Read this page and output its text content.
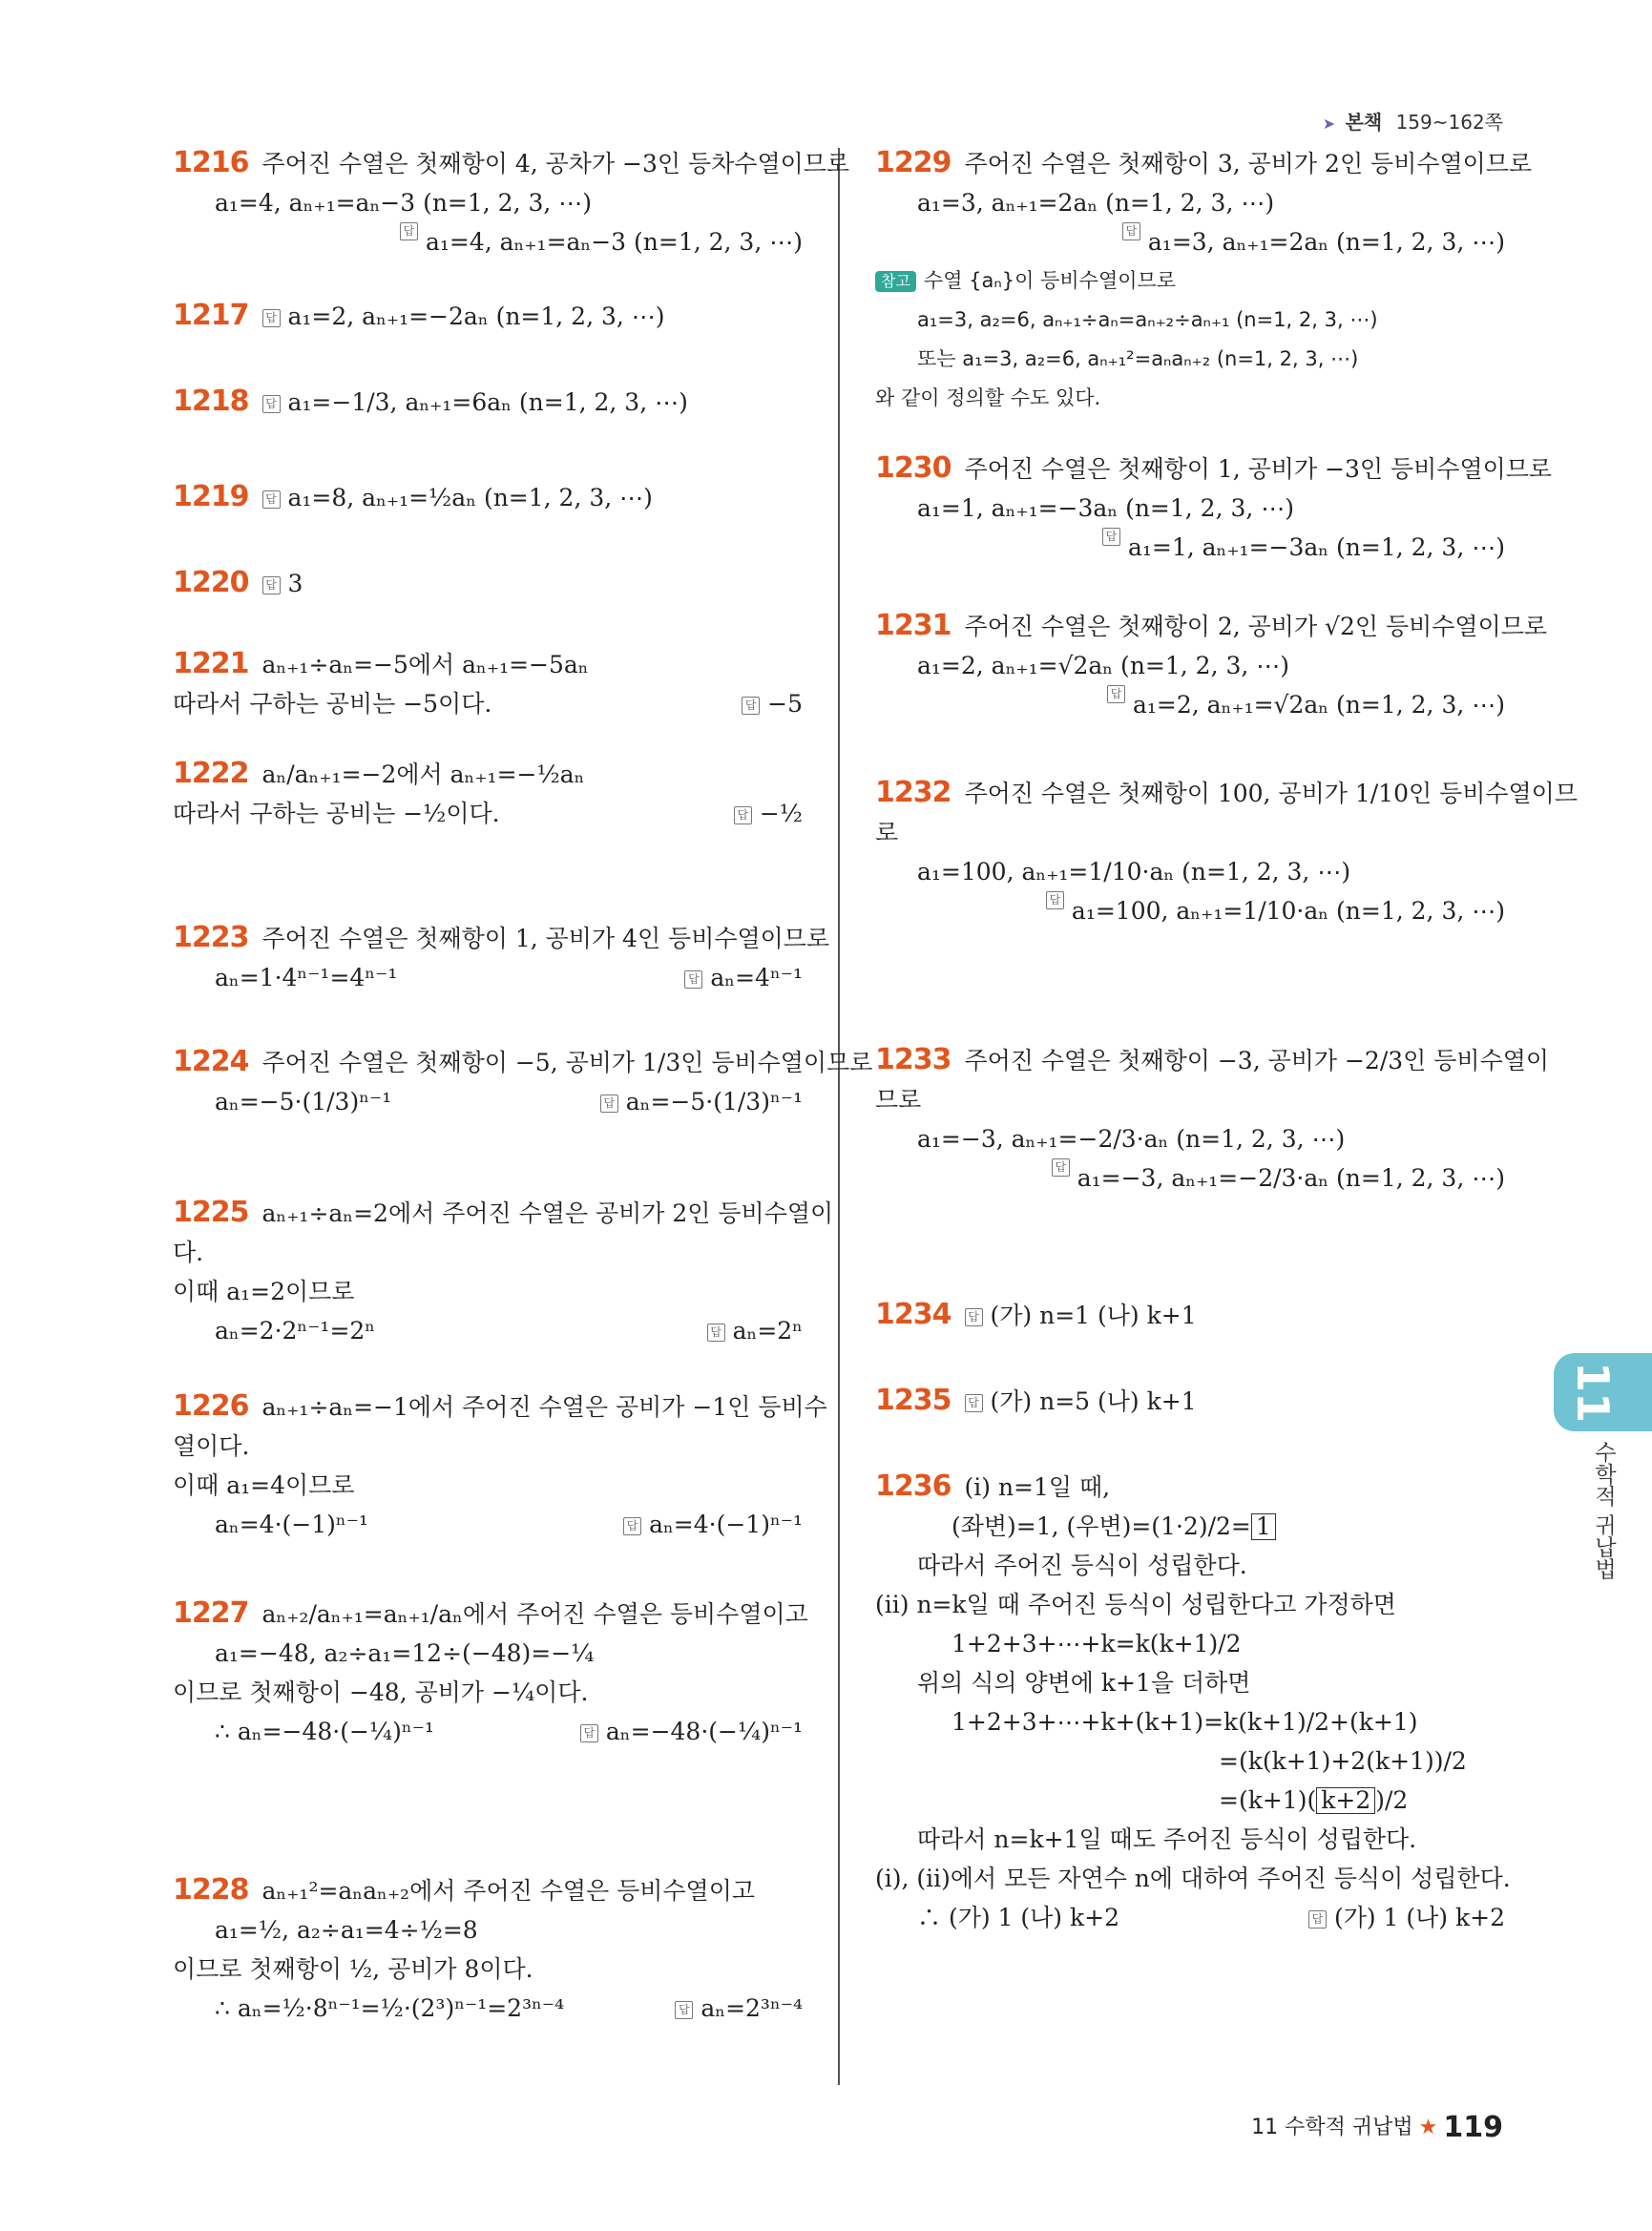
➤ 본책 159~162쪽
1216 주어진 수열은 첫째항이 4, 공차가 −3인 등차수열이므로
a₁=4, aₙ₊₁=aₙ−3 (n=1, 2, 3, ⋯)
답 a₁=4, aₙ₊₁=aₙ−3 (n=1, 2, 3, ⋯)
1217 답 a₁=2, aₙ₊₁=−2aₙ (n=1, 2, 3, ⋯)
1218 답 a₁=−1/3, aₙ₊₁=6aₙ (n=1, 2, 3, ⋯)
1219 답 a₁=8, aₙ₊₁=½aₙ (n=1, 2, 3, ⋯)
1220 답 3
1221 aₙ₊₁÷aₙ=−5에서 aₙ₊₁=−5aₙ
따라서 구하는 공비는 −5이다.	답 −5
1222 aₙ/aₙ₊₁=−2에서 aₙ₊₁=−½aₙ
따라서 구하는 공비는 −½이다.	답 −½
1223 주어진 수열은 첫째항이 1, 공비가 4인 등비수열이므로
aₙ=1·4ⁿ⁻¹=4ⁿ⁻¹	답 aₙ=4ⁿ⁻¹
1224 주어진 수열은 첫째항이 −5, 공비가 1/3인 등비수열이므로
aₙ=−5·(1/3)ⁿ⁻¹	답 aₙ=−5·(1/3)ⁿ⁻¹
1225 aₙ₊₁÷aₙ=2에서 주어진 수열은 공비가 2인 등비수열이
다.
이때 a₁=2이므로
aₙ=2·2ⁿ⁻¹=2ⁿ	답 aₙ=2ⁿ
1226 aₙ₊₁÷aₙ=−1에서 주어진 수열은 공비가 −1인 등비수
열이다.
이때 a₁=4이므로
aₙ=4·(−1)ⁿ⁻¹	답 aₙ=4·(−1)ⁿ⁻¹
1227 aₙ₊₂/aₙ₊₁=aₙ₊₁/aₙ에서 주어진 수열은 등비수열이고
a₁=−48, a₂÷a₁=12÷(−48)=−¼
이므로 첫째항이 −48, 공비가 −¼이다.
∴ aₙ=−48·(−¼)ⁿ⁻¹	답 aₙ=−48·(−¼)ⁿ⁻¹
1228 aₙ₊₁²=aₙaₙ₊₂에서 주어진 수열은 등비수열이고
a₁=½, a₂÷a₁=4÷½=8
이므로 첫째항이 ½, 공비가 8이다.
∴ aₙ=½·8ⁿ⁻¹=½·(2³)ⁿ⁻¹=2³ⁿ⁻⁴	답 aₙ=2³ⁿ⁻⁴
1229 주어진 수열은 첫째항이 3, 공비가 2인 등비수열이므로
a₁=3, aₙ₊₁=2aₙ (n=1, 2, 3, ⋯)
답 a₁=3, aₙ₊₁=2aₙ (n=1, 2, 3, ⋯)
참고 수열 {aₙ}이 등비수열이므로
a₁=3, a₂=6, aₙ₊₁÷aₙ=aₙ₊₂÷aₙ₊₁ (n=1, 2, 3, ⋯)
또는 a₁=3, a₂=6, aₙ₊₁²=aₙaₙ₊₂ (n=1, 2, 3, ⋯)
와 같이 정의할 수도 있다.
1230 주어진 수열은 첫째항이 1, 공비가 −3인 등비수열이므로
a₁=1, aₙ₊₁=−3aₙ (n=1, 2, 3, ⋯)
답 a₁=1, aₙ₊₁=−3aₙ (n=1, 2, 3, ⋯)
1231 주어진 수열은 첫째항이 2, 공비가 √2인 등비수열이므로
a₁=2, aₙ₊₁=√2aₙ (n=1, 2, 3, ⋯)
답 a₁=2, aₙ₊₁=√2aₙ (n=1, 2, 3, ⋯)
1232 주어진 수열은 첫째항이 100, 공비가 1/10인 등비수열이므
로
a₁=100, aₙ₊₁=1/10·aₙ (n=1, 2, 3, ⋯)
답 a₁=100, aₙ₊₁=1/10·aₙ (n=1, 2, 3, ⋯)
1233 주어진 수열은 첫째항이 −3, 공비가 −2/3인 등비수열이
므로
a₁=−3, aₙ₊₁=−2/3·aₙ (n=1, 2, 3, ⋯)
답 a₁=−3, aₙ₊₁=−2/3·aₙ (n=1, 2, 3, ⋯)
1234 답 (가) n=1 (나) k+1
1235 답 (가) n=5 (나) k+1
1236 (i) n=1일 때,
(좌변)=1, (우변)=(1·2)/2= 1
따라서 주어진 등식이 성립한다.
(ii) n=k일 때 주어진 등식이 성립한다고 가정하면
1+2+3+⋯+k=k(k+1)/2
위의 식의 양변에 k+1을 더하면
1+2+3+⋯+k+(k+1)=k(k+1)/2+(k+1)
=(k(k+1)+2(k+1))/2
=(k+1)( k+2 )/2
따라서 n=k+1일 때도 주어진 등식이 성립한다.
(i), (ii)에서 모든 자연수 n에 대하여 주어진 등식이 성립한다.
∴ (가) 1 (나) k+2	답 (가) 1 (나) k+2
11
수학적 귀납법
11 수학적 귀납법 ★ 119
